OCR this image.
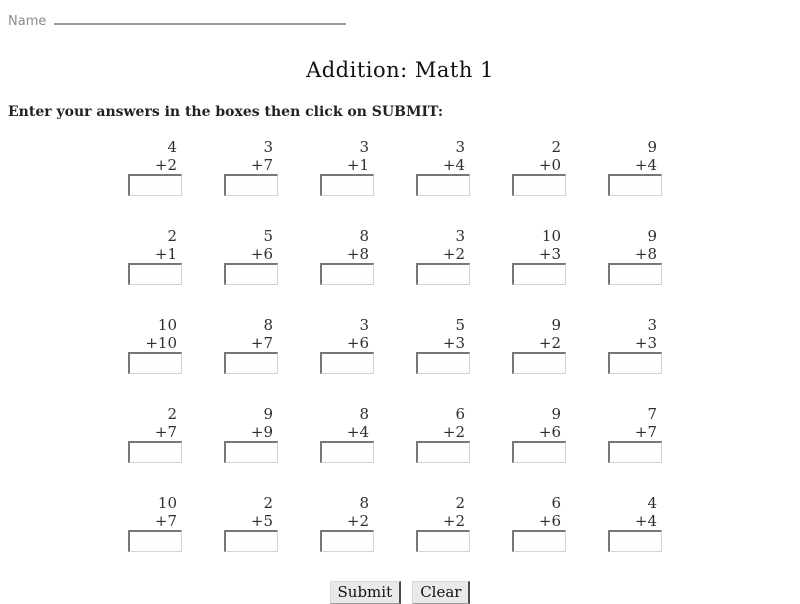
Name
Addition: Math 1
Enter your answers in the boxes then click on SUBMIT:
4
+2
3
+7
3
+1
3
+4
2
+0
9
+4
2
+1
5
+6
8
+8
3
+2
10
+3
9
+8
10
+10
8
+7
3
+6
5
+3
9
+2
3
+3
2
+7
9
+9
8
+4
6
+2
9
+6
7
+7
10
+7
2
+5
8
+2
2
+2
6
+6
4
+4
Submit Clear
